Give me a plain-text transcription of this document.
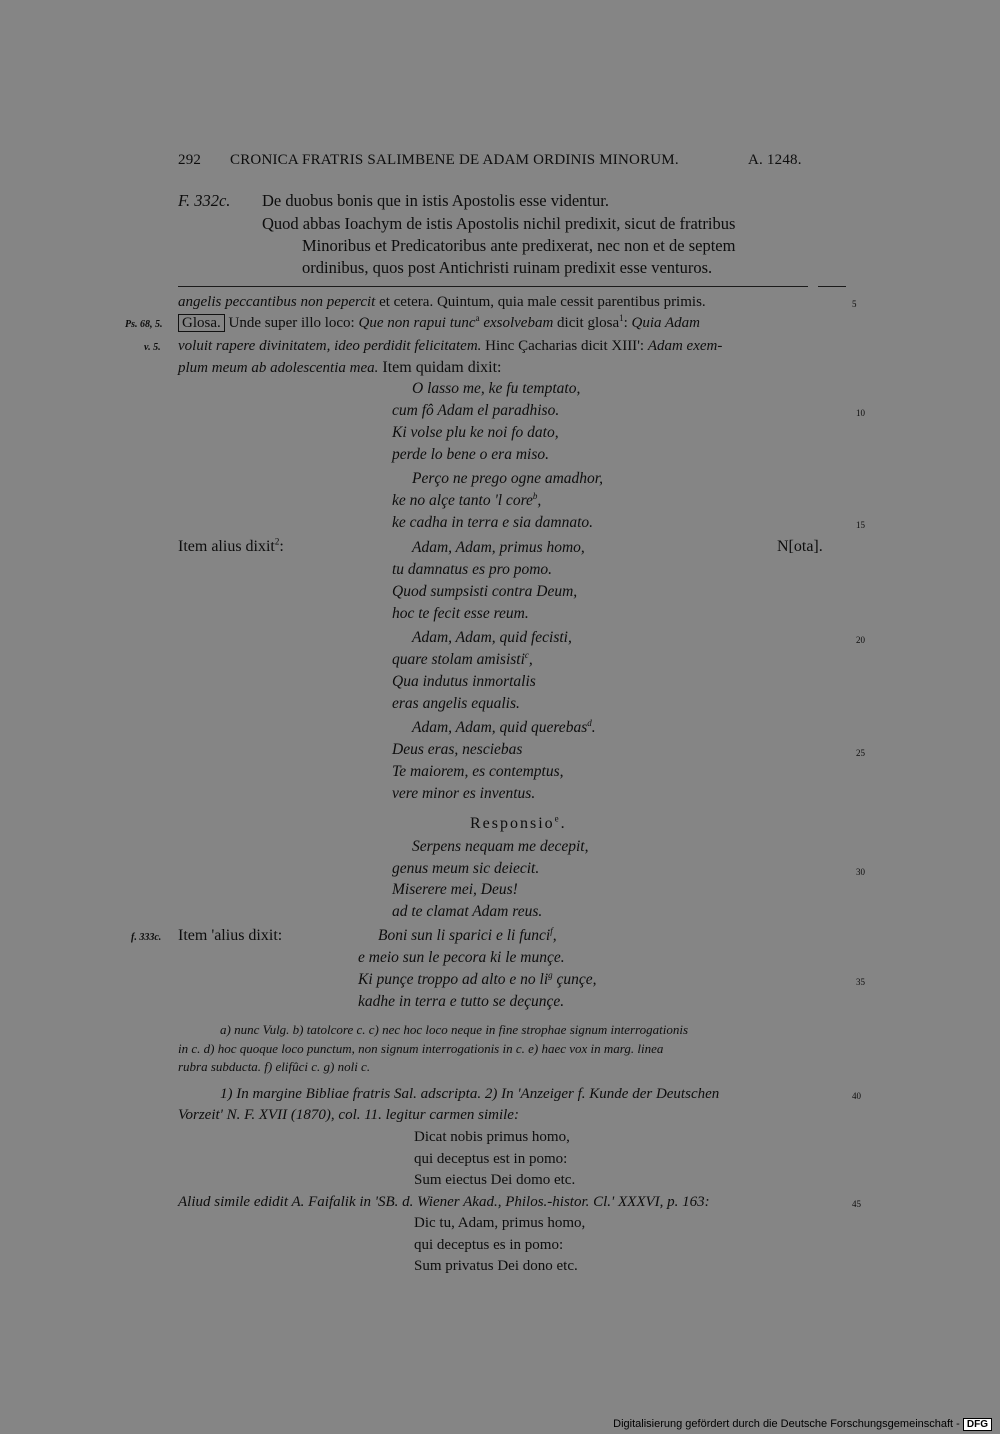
292 CRONICA FRATRIS SALIMBENE DE ADAM ORDINIS MINORUM.	A. 1248.
F. 332c. De duobus bonis que in istis Apostolis esse videntur.
Quod abbas Ioachym de istis Apostolis nichil predixit, sicut de fratribus
Minoribus et Predicatoribus ante predixerat, nec non et de septem
ordinibus, quos post Antichristi ruinam predixit esse venturos.
angelis peccantibus non pepercit et cetera. Quintum, quia male cessit parentibus primis.	5
Ps. 68, 5. Glosa. Unde super illo loco: Que non rapui tunc$^a$ exsolvebam dicit glosa$^1$: Quia Adam
v. 5. voluit rapere divinitatem, ideo perdidit felicitatem. Hinc Çacharias dicit XIII': Adam exem-
plum meum ab adolescentia mea. Item quidam dixit:
O lasso me, ke fu temptato,
cum fô Adam el paradhiso.
Ki volse plu ke noi fo dato,
perde lo bene o era miso.
10
Perço ne prego ogne amadhor,
ke no alçe tanto 'l core$^b$,
ke cadha in terra e sia damnato.	15
Item alius dixit$^2$:	N[ota].
Adam, Adam, primus homo,
tu damnatus es pro pomo.
Quod sumpsisti contra Deum,
hoc te fecit esse reum.
Adam, Adam, quid fecisti,
quare stolam amisisti$^c$,
Qua indutus inmortalis
eras angelis equalis.
20
Adam, Adam, quid querebas$^d$.
Deus eras, nesciebas
Te maiorem, es contemptus,
vere minor es inventus.
25
Responsio$^e$.
Serpens nequam me decepit,
genus meum sic deiecit.
Miserere mei, Deus!
ad te clamat Adam reus.
30
f. 333c. Item 'alius dixit:	Boni sun li sparici e li funci$^f$,
e meio sun le pecora ki le munçe.
Ki punçe troppo ad alto e no $li^g$ çunçe,
kadhe in terra e tutto se deçunçe.
35
a) nunc Vulg. b) tatolcore c. c) nec hoc loco neque in fine strophae signum interrogationis
in c. d) hoc quoque loco punctum, non signum interrogationis in c. e) haec vox in marg. linea
rubra subducta. f) elifûci c. g) noli c.
1) In margine Bibliae fratris Sal. adscripta. 2) In 'Anzeiger f. Kunde der Deutschen	40
Vorzeit' N. F. XVII (1870), col. 11. legitur carmen simile:
Dicat nobis primus homo,
qui deceptus est in pomo:
Sum eiectus Dei domo etc.
Aliud simile edidit A. Faifalik in 'SB. d. Wiener Akad., Philos.-histor. Cl.' XXXVI, p. 163:	45
Dic tu, Adam, primus homo,
qui deceptus es in pomo:
Sum privatus Dei dono etc.
Digitalisierung gefördert durch die Deutsche Forschungsgemeinschaft - DFG
